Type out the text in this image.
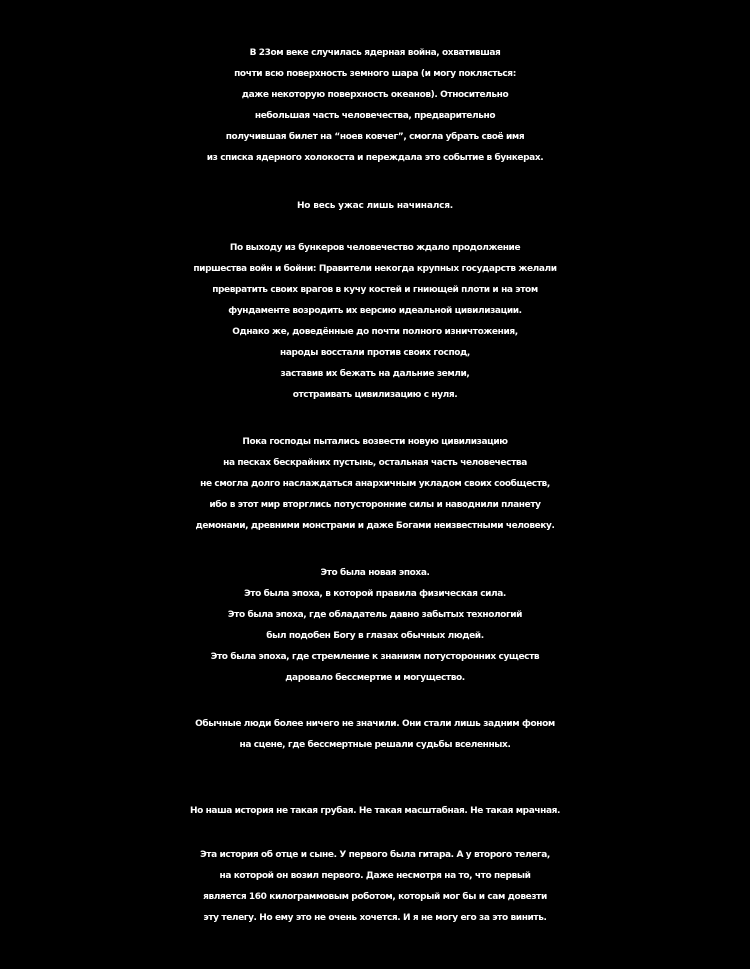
В 23ом веке случилась ядерная война, охватившая
почти всю поверхность земного шара (и могу поклясться:
даже некоторую поверхность океанов). Относительно
небольшая часть человечества, предварительно
получившая билет на “ноев ковчег”, смогла убрать своё имя
из списка ядерного холокоста и переждала это событие в бункерах.
Но весь ужас лишь начинался.
По выходу из бункеров человечество ждало продолжение
пиршества войн и бойни: Правители некогда крупных государств желали
превратить своих врагов в кучу костей и гниющей плоти и на этом
фундаменте возродить их версию идеальной цивилизации.
Однако же, доведённые до почти полного изничтожения,
народы восстали против своих господ,
заставив их бежать на дальние земли,
отстраивать цивилизацию с нуля.
Пока господы пытались возвести новую цивилизацию
на песках бескрайних пустынь, остальная часть человечества
не смогла долго наслаждаться анархичным укладом своих сообществ,
ибо в этот мир вторглись потусторонние силы и наводнили планету
демонами, древними монстрами и даже Богами неизвестными человеку.
Это была новая эпоха.
Это была эпоха, в которой правила физическая сила.
Это была эпоха, где обладатель давно забытых технологий
был подобен Богу в глазах обычных людей.
Это была эпоха, где стремление к знаниям потусторонних существ
даровало бессмертие и могущество.
Обычные люди более ничего не значили. Они стали лишь задним фоном
на сцене, где бессмертные решали судьбы вселенных.
Но наша история не такая грубая. Не такая масштабная. Не такая мрачная.
Эта история об отце и сыне. У первого была гитара. А у второго телега,
на которой он возил первого. Даже несмотря на то, что первый
является 160 килограммовым роботом, который мог бы и сам довезти
эту телегу. Но ему это не очень хочется. И я не могу его за это винить.
